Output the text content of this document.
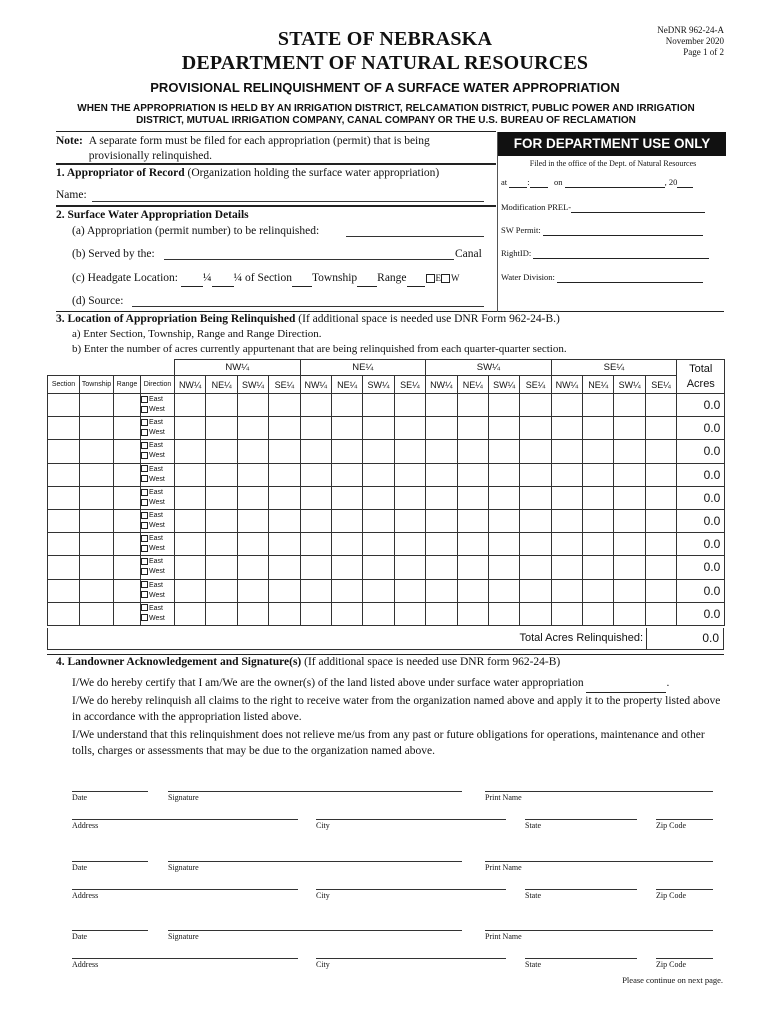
NeDNR 962-24-A
November 2020
Page 1 of 2
STATE OF NEBRASKA
DEPARTMENT OF NATURAL RESOURCES
PROVISIONAL RELINQUISHMENT OF A SURFACE WATER APPROPRIATION
WHEN THE APPROPRIATION IS HELD BY AN IRRIGATION DISTRICT, RELCAMATION DISTRICT, PUBLIC POWER AND IRRIGATION DISTRICT, MUTUAL IRRIGATION COMPANY, CANAL COMPANY OR THE U.S. BUREAU OF RECLAMATION
Note: A separate form must be filed for each appropriation (permit) that is being provisionally relinquished.
1. Appropriator of Record (Organization holding the surface water appropriation)
Name:
2. Surface Water Appropriation Details
(a) Appropriation (permit number) to be relinquished:
(b) Served by the:	Canal
(c) Headgate Location:  ¼ ¼ of Section Township Range	E W
(d) Source:
FOR DEPARTMENT USE ONLY
Filed in the office of the Dept. of Natural Resources
at :	on	, 20
Modification PREL-
SW Permit:
RightID:
Water Division:
3. Location of Appropriation Being Relinquished (If additional space is needed use DNR Form 962-24-B.)
a) Enter Section, Township, Range and Range Direction.
b) Enter the number of acres currently appurtenant that are being relinquished from each quarter-quarter section.
				NW¼				NE¼				SW¼				SE¼				Total
Acres
Section	Township	Range	Direction	NW¼	NE¼	SW¼	SE¼	NW¼	NE¼	SW¼	SE¼	NW¼	NE¼	SW¼	SE¼	NW¼	NE¼	SW¼	SE¼	

			East
West																	0.0

			East
West																	0.0

			East
West																	0.0

			East
West																	0.0

			East
West																	0.0

			East
West																	0.0

			East
West																	0.0

			East
West																	0.0

			East
West																	0.0

			East
West																	0.0
Total Acres Relinquished:	0.0
4. Landowner Acknowledgement and Signature(s) (If additional space is needed use DNR form 962-24-B)
I/We do hereby certify that I am/We are the owner(s) of the land listed above under surface water appropriation	.
I/We do hereby relinquish all claims to the right to receive water from the organization named above and apply it to the property listed above in accordance with the appropriation listed above.
I/We understand that this relinquishment does not relieve me/us from any past or future obligations for operations, maintenance and other tolls, charges or assessments that may be due to the organization named above.
Date	Signature	Print Name
Address	City	State	Zip Code
Date	Signature	Print Name
Address	City	State	Zip Code
Date	Signature	Print Name
Address	City	State	Zip Code
Please continue on next page.
